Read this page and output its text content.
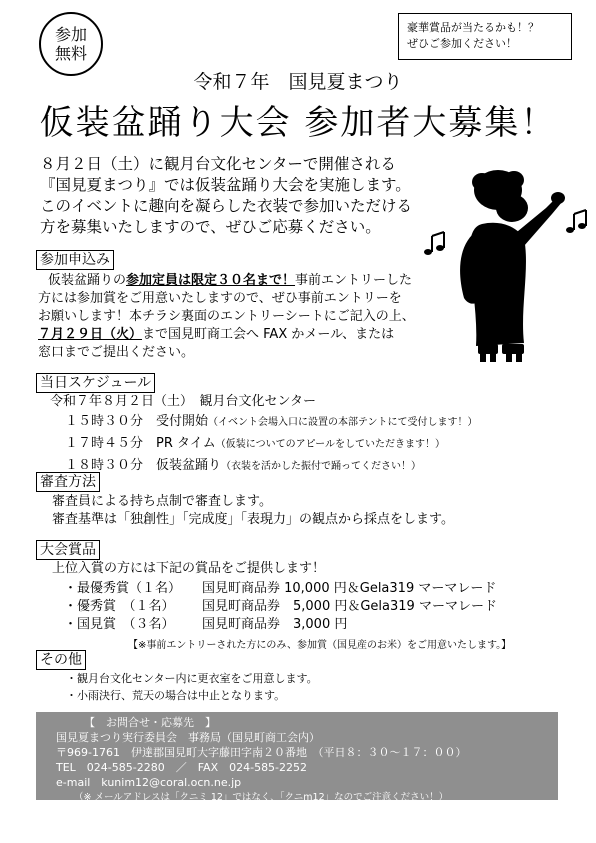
参加
無料
豪華賞品が当たるかも！？
ぜひご参加ください！
令和７年　国見夏まつり
仮装盆踊り大会 参加者大募集！
８月２日（土）に観月台文化センターで開催される
『国見夏まつり』では仮装盆踊り大会を実施します。
このイベントに趣向を凝らした衣装で参加いただける
方を募集いたしますので、ぜひご応募ください。
参加申込み
仮装盆踊りの参加定員は限定３０名まで！事前エントリーした
方には参加賞をご用意いたしますので、ぜひ事前エントリーを
お願いします！本チラシ裏面のエントリーシートにご記入の上、
７月２９日（火）まで国見町商工会へ FAX かメール、または
窓口までご提出ください。
当日スケジュール
令和７年８月２日（土）　観月台文化センター
１５時３０分　 受付開始（イベント会場入口に設置の本部テントにて受付します！）
１７時４５分　 PR タイム（仮装についてのアピールをしていただきます！）
１８時３０分　 仮装盆踊り（衣装を活かした振付で踊ってください！）
審査方法
審査員による持ち点制で審査します。
審査基準は「独創性」「完成度」「表現力」の観点から採点をします。
大会賞品
上位入賞の方には下記の賞品をご提供します！
・最優秀賞（１名） 国見町商品券 10,000 円＆Gela319 マーマレード
・優秀賞　（１名） 国見町商品券　5,000 円＆Gela319 マーマレード
・国見賞　（３名） 国見町商品券　3,000 円
【※事前エントリーされた方にのみ、参加賞（国見産のお米）をご用意いたします。】
その他
・観月台文化センター内に更衣室をご用意します。
・小雨決行、荒天の場合は中止となります。
【　お問合せ・応募先　】
国見夏まつり実行委員会　事務局（国見町商工会内）
〒969-1761　伊達郡国見町大字藤田字南２０番地　（平日８：３０～１７：００）
TEL　024-585-2280　／　FAX　024-585-2252
e-mail　kunim12@coral.ocn.ne.jp
（※ メールアドレスは「クニミ 12」ではなく、「クニm12」なのでご注意ください！）
